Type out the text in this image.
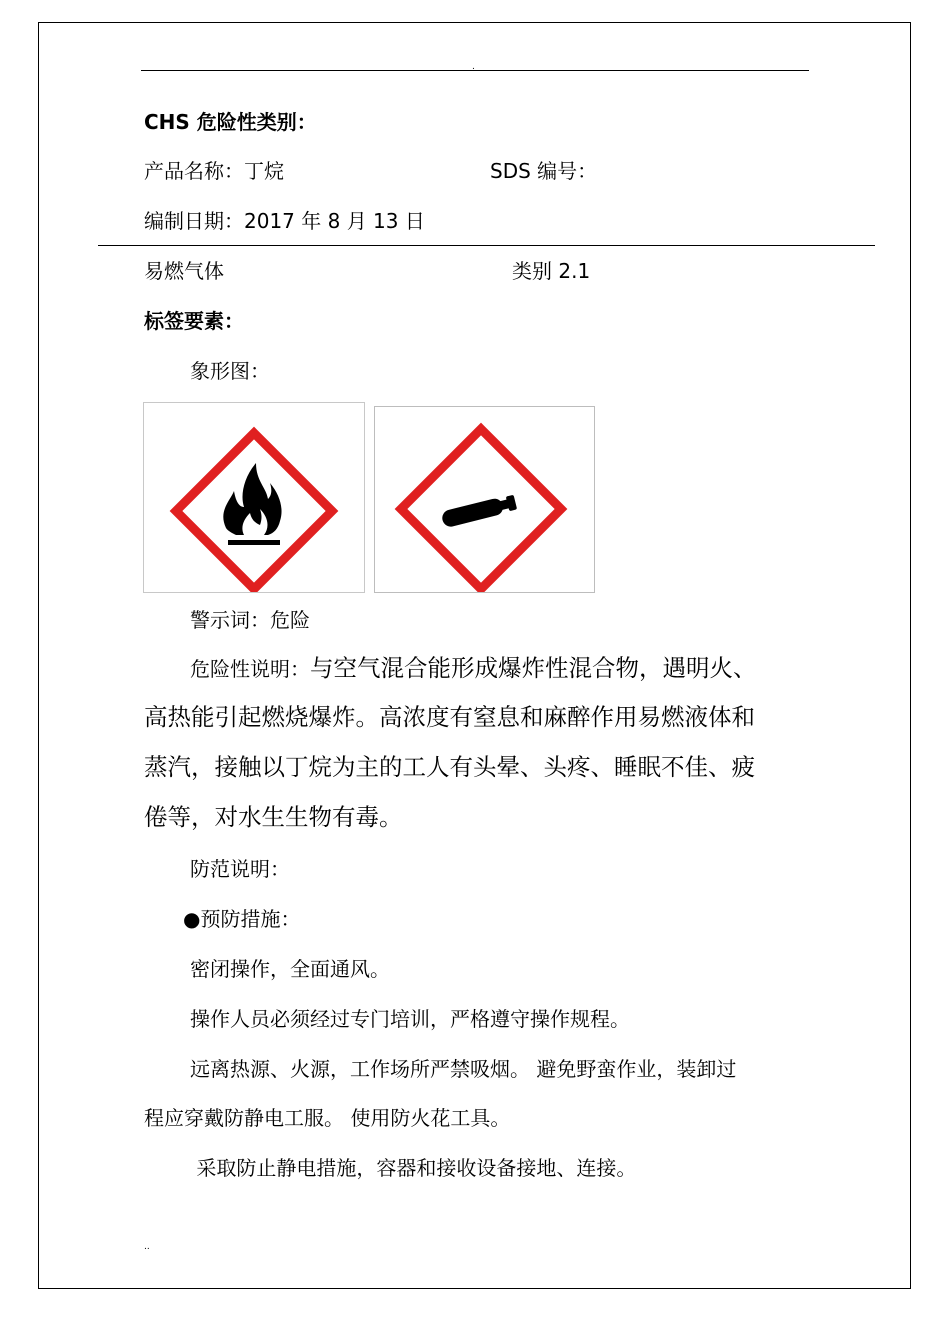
.
CHS 危险性类别：
产品名称：丁烷	SDS 编号：
编制日期：2017 年 8 月 13 日
易燃气体	类别 2.1
标签要素：
象形图：
警示词：危险
危险性说明：与空气混合能形成爆炸性混合物，遇明火、
高热能引起燃烧爆炸。高浓度有窒息和麻醉作用易燃液体和
蒸汽，接触以丁烷为主的工人有头晕、头疼、睡眠不佳、疲
倦等，对水生生物有毒。
防范说明：
●预防措施：
密闭操作，全面通风。
操作人员必须经过专门培训，严格遵守操作规程。
远离热源、火源，工作场所严禁吸烟。 避免野蛮作业，装卸过
程应穿戴防静电工服。 使用防火花工具。
采取防止静电措施，容器和接收设备接地、连接。
..
